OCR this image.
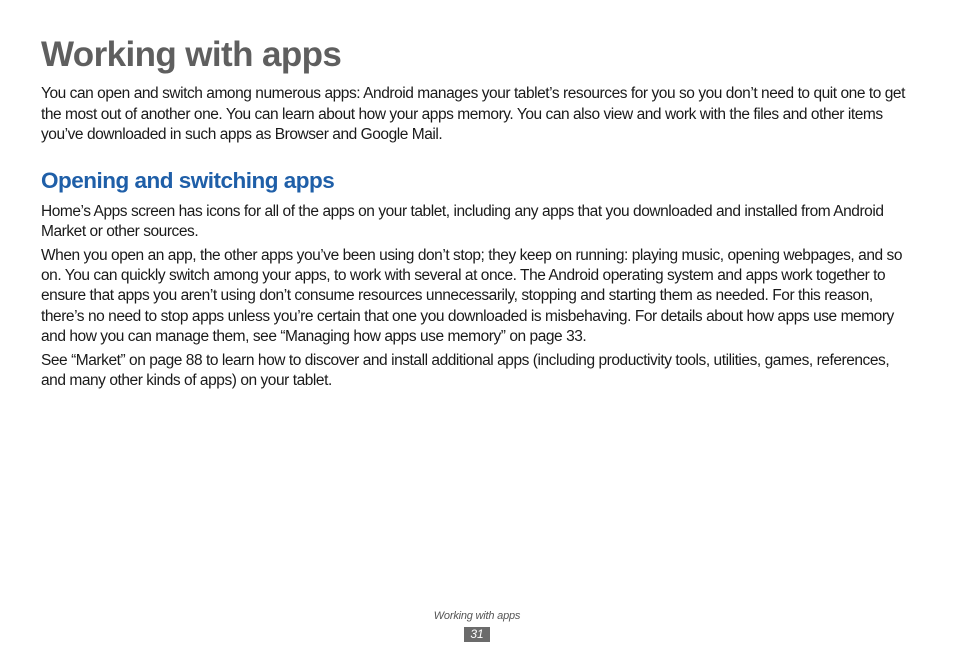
Working with apps

You can open and switch among numerous apps: Android manages your tablet’s resources for you so you don’t need to quit one to get the most out of another one. You can learn about how your apps memory. You can also view and work with the files and other items you’ve downloaded in such apps as Browser and Google Mail.

Opening and switching apps

Home’s Apps screen has icons for all of the apps on your tablet, including any apps that you downloaded and installed from Android Market or other sources.

When you open an app, the other apps you’ve been using don’t stop; they keep on running: playing music, opening webpages, and so on. You can quickly switch among your apps, to work with several at once. The Android operating system and apps work together to ensure that apps you aren’t using don’t consume resources unnecessarily, stopping and starting them as needed. For this reason, there’s no need to stop apps unless you’re certain that one you downloaded is misbehaving. For details about how apps use memory and how you can manage them, see “Managing how apps use memory” on page 33.

See “Market” on page 88 to learn how to discover and install additional apps (including productivity tools, utilities, games, references, and many other kinds of apps) on your tablet.

Working with apps
31
